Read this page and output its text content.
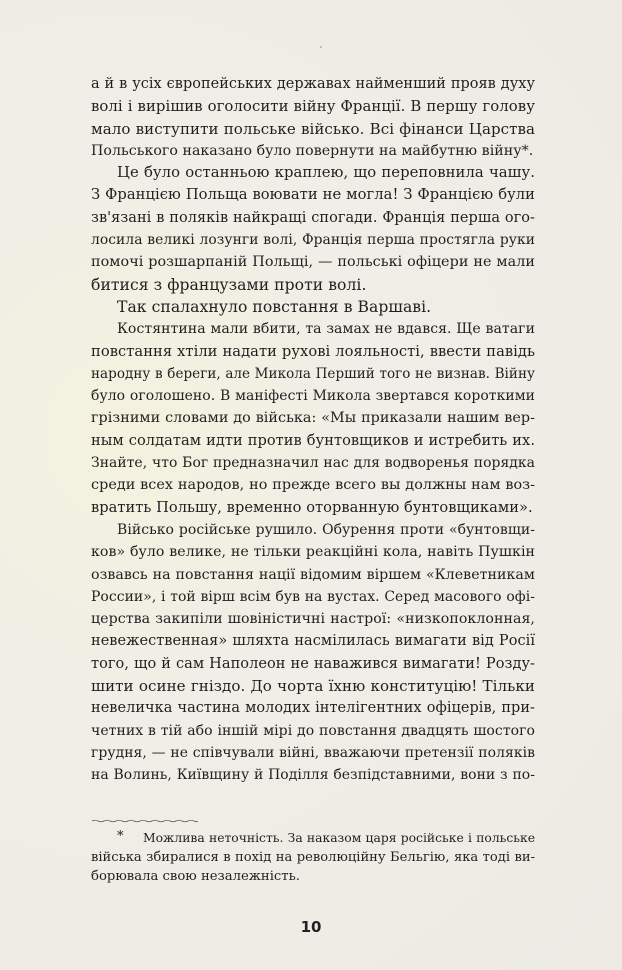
а й в усіх європейських державах найменший прояв духу
волі і вирішив оголосити війну Франції. В першу голову
мало виступити польське військо. Всі фінанси Царства
Польського наказано було повернути на майбутню війну*.
Це було останньою краплею, що переповнила чашу.
З Францією Польща воювати не могла! З Францією були
зв'язані в поляків найкращі спогади. Франція перша ого-
лосила великі лозунги волі, Франція перша простягла руки
помочі розшарпаній Польщі, — польські офіцери не мали
битися з французами проти волі.
Так спалахнуло повстання в Варшаві.
Костянтина мали вбити, та замах не вдався. Ще ватаги
повстання хтіли надати рухові лояльності, ввести павідь
народну в береги, але Микола Перший того не визнав. Війну
було оголошено. В маніфесті Микола звертався короткими
грізними словами до війська: «Мы приказали нашим вер-
ным солдатам идти против бунтовщиков и истребить их.
Знайте, что Бог предназначил нас для водворенья порядка
среди всех народов, но прежде всего вы должны нам воз-
вратить Польшу, временно оторванную бунтовщиками».
Військо російське рушило. Обурення проти «бунтовщи-
ков» було велике, не тільки реакційні кола, навіть Пушкін
озвавсь на повстання нації відомим віршем «Клеветникам
России», і той вірш всім був на вустах. Серед масового офі-
церства закипіли шовіністичні настрої: «низкопоклонная,
невежественная» шляхта насмілилась вимагати від Росії
того, що й сам Наполеон не наважився вимагати! Розду-
шити осине гніздо. До чорта їхню конституцію! Тільки
невеличка частина молодих інтелігентних офіцерів, при-
четних в тій або іншій мірі до повстання двадцять шостого
грудня, — не співчували війні, вважаючи претензії поляків
на Волинь, Київщину й Поділля безпідставними, вони з по-
*	Можлива неточність. За наказом царя російське і польське
війська збиралися в похід на революційну Бельгію, яка тоді ви-
борювала свою незалежність.
10
